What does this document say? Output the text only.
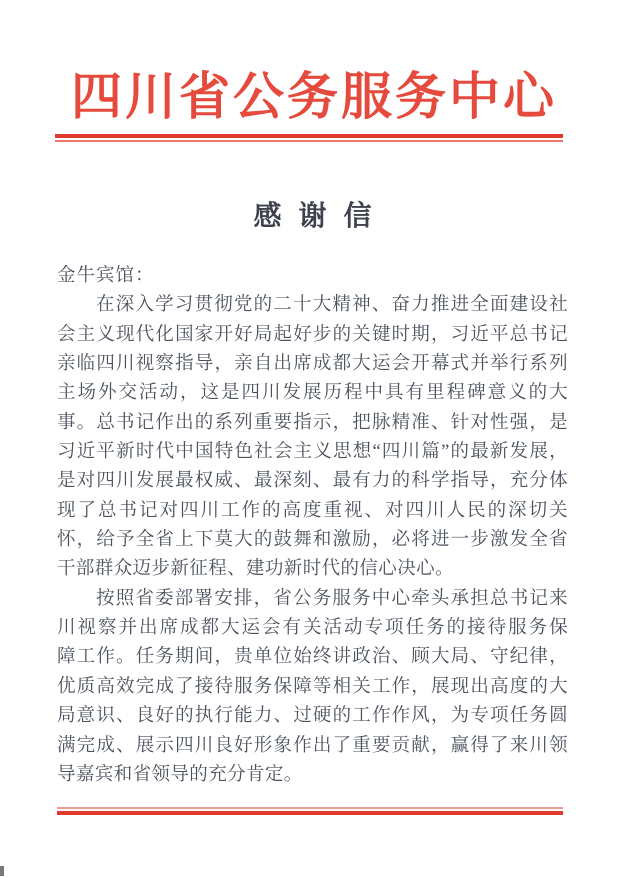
四川省公务服务中心
感谢信
金牛宾馆：
在深入学习贯彻党的二十大精神、奋力推进全面建设社
会主义现代化国家开好局起好步的关键时期，习近平总书记
亲临四川视察指导，亲自出席成都大运会开幕式并举行系列
主场外交活动，这是四川发展历程中具有里程碑意义的大
事。总书记作出的系列重要指示，把脉精准、针对性强，是
习近平新时代中国特色社会主义思想“四川篇”的最新发展，
是对四川发展最权威、最深刻、最有力的科学指导，充分体
现了总书记对四川工作的高度重视、对四川人民的深切关
怀，给予全省上下莫大的鼓舞和激励，必将进一步激发全省
干部群众迈步新征程、建功新时代的信心决心。
按照省委部署安排，省公务服务中心牵头承担总书记来
川视察并出席成都大运会有关活动专项任务的接待服务保
障工作。任务期间，贵单位始终讲政治、顾大局、守纪律，
优质高效完成了接待服务保障等相关工作，展现出高度的大
局意识、良好的执行能力、过硬的工作作风，为专项任务圆
满完成、展示四川良好形象作出了重要贡献，赢得了来川领
导嘉宾和省领导的充分肯定。
